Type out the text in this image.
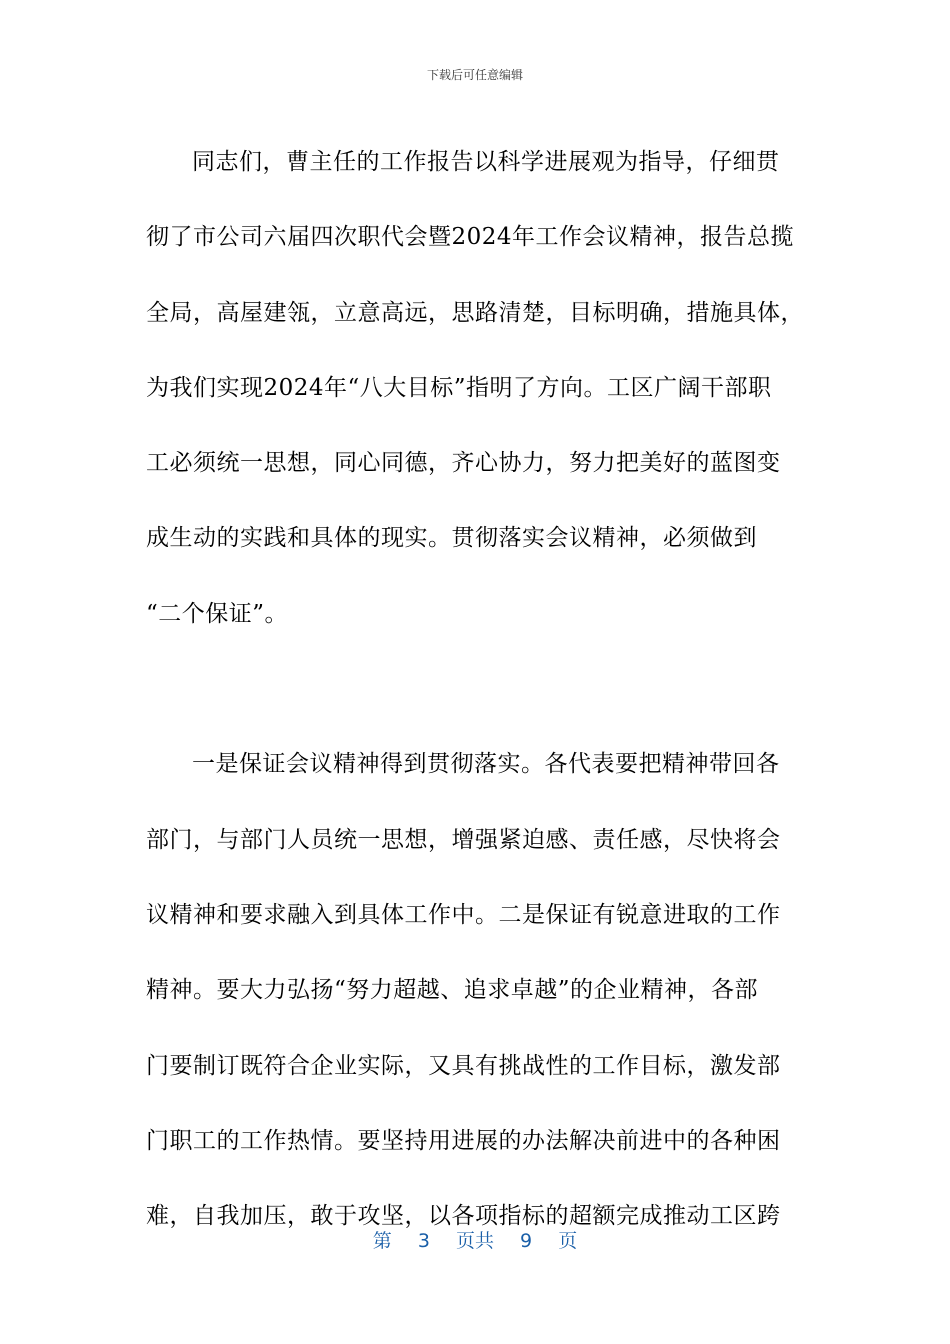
下载后可任意编辑
同志们，曹主任的工作报告以科学进展观为指导，仔细贯
彻了市公司六届四次职代会暨2024年工作会议精神，报告总揽
全局，高屋建瓴，立意高远，思路清楚，目标明确，措施具体，
为我们实现2024年“八大目标”指明了方向。工区广阔干部职
工必须统一思想，同心同德，齐心协力，努力把美好的蓝图变
成生动的实践和具体的现实。贯彻落实会议精神，必须做到
“二个保证”。
一是保证会议精神得到贯彻落实。各代表要把精神带回各
部门，与部门人员统一思想，增强紧迫感、责任感，尽快将会
议精神和要求融入到具体工作中。二是保证有锐意进取的工作
精神。要大力弘扬“努力超越、追求卓越”的企业精神，各部
门要制订既符合企业实际，又具有挑战性的工作目标，激发部
门职工的工作热情。要坚持用进展的办法解决前进中的各种困
难，自我加压，敢于攻坚，以各项指标的超额完成推动工区跨
第 3 页共 9 页
